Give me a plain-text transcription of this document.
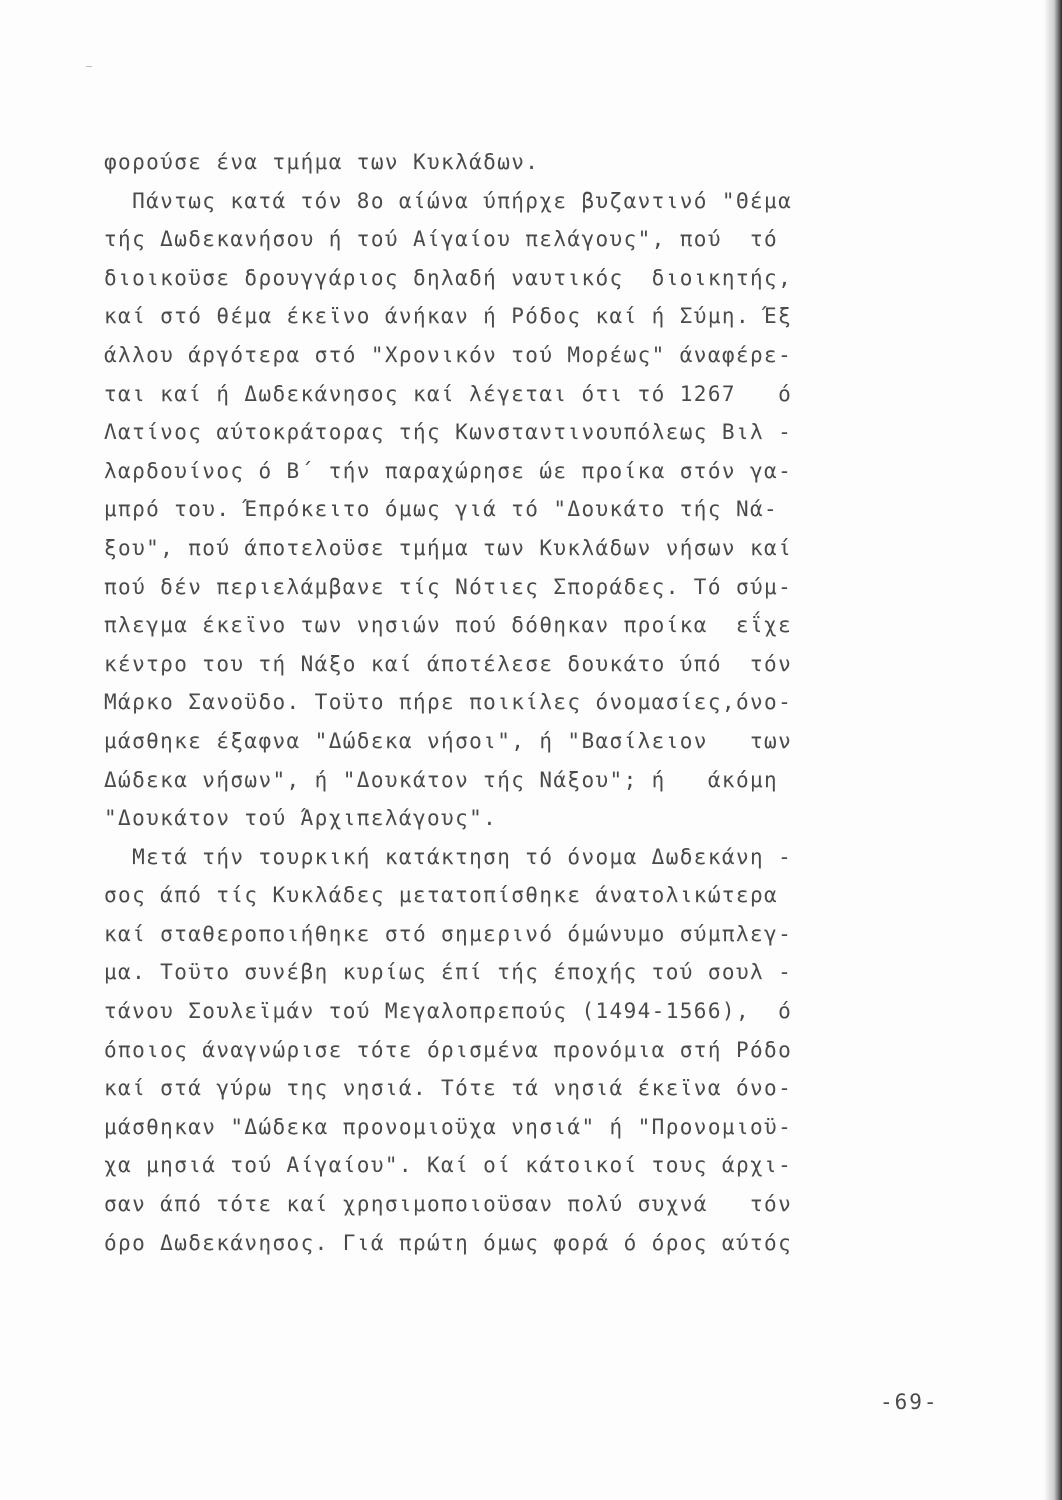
φορούσε ένα τμήμα των Κυκλάδων.
Πάντως κατά τόν 8ο αίώνα ύπήρχε βυζαντινό "Θέμα
τής Δωδεκανήσου ή τού Αίγαίου πελάγους", πού  τό
διοικοϋσε δρουγγάριος δηλαδή ναυτικός  διοικητής,
καί στό θέμα έκεϊνο άνήκαν ή Ρόδος καί ή Σύμη. Έξ
άλλου άργότερα στό "Χρονικόν τού Μορέως" άναφέρε-
ται καί ή Δωδεκάνησος καί λέγεται ότι τό 1267   ό
Λατίνος αύτοκράτορας τής Κωνσταντινουπόλεως Βιλ -
λαρδουίνος ό Β΄ τήν παραχώρησε ώε προίκα στόν γα-
μπρό του. Έπρόκειτο όμως γιά τό "Δουκάτο τής Νά-
ξου", πού άποτελοϋσε τμήμα των Κυκλάδων νήσων καί
πού δέν περιελάμβανε τίς Νότιες Σποράδες. Τό σύμ-
πλεγμα έκεϊνο των νησιών πού δόθηκαν προίκα  εΐχε
κέντρο του τή Νάξο καί άποτέλεσε δουκάτο ύπό  τόν
Μάρκο Σανοϋδο. Τοϋτο πήρε ποικίλες όνομασίες,όνο-
μάσθηκε έξαφνα "Δώδεκα νήσοι", ή "Βασίλειον   των
Δώδεκα νήσων", ή "Δουκάτον τής Νάξου"; ή   άκόμη
"Δουκάτον τού Άρχιπελάγους".
Μετά τήν τουρκική κατάκτηση τό όνομα Δωδεκάνη -
σος άπό τίς Κυκλάδες μετατοπίσθηκε άνατολικώτερα
καί σταθεροποιήθηκε στό σημερινό όμώνυμο σύμπλεγ-
μα. Τοϋτο συνέβη κυρίως έπί τής έποχής τού σουλ -
τάνου Σουλεϊμάν τού Μεγαλοπρεπούς (1494-1566),  ό
όποιος άναγνώρισε τότε όρισμένα προνόμια στή Ρόδο
καί στά γύρω της νησιά. Τότε τά νησιά έκεϊνα όνο-
μάσθηκαν "Δώδεκα προνομιοϋχα νησιά" ή "Προνομιοϋ-
χα μησιά τού Αίγαίου". Καί οί κάτοικοί τους άρχι-
σαν άπό τότε καί χρησιμοποιοϋσαν πολύ συχνά   τόν
όρο Δωδεκάνησος. Γιά πρώτη όμως φορά ό όρος αύτός
-69-
